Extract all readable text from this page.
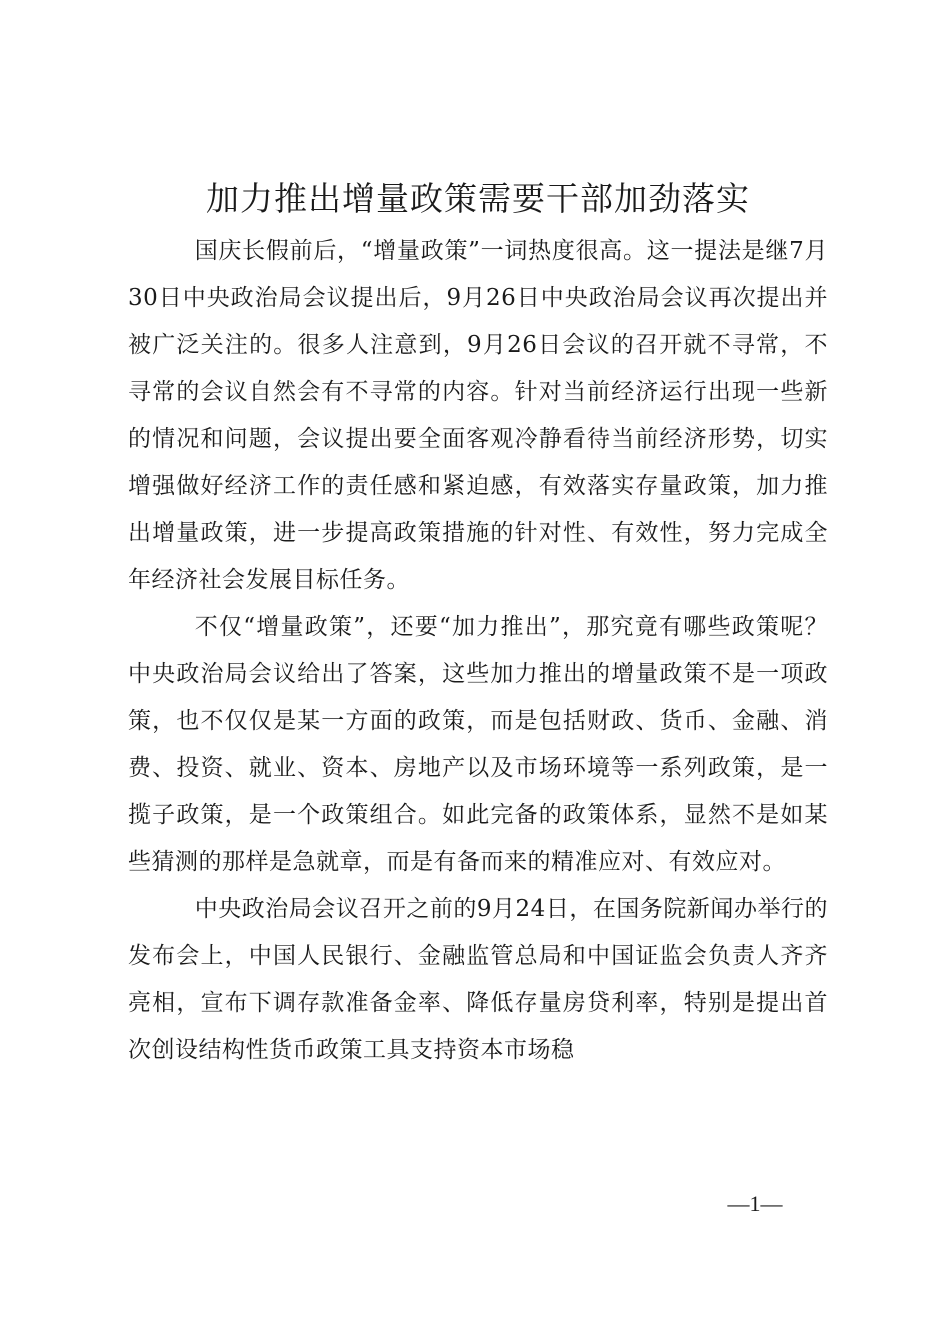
加力推出增量政策需要干部加劲落实

国庆长假前后，“增量政策”一词热度很高。这一提法是继7月30日中央政治局会议提出后，9月26日中央政治局会议再次提出并被广泛关注的。很多人注意到，9月26日会议的召开就不寻常，不寻常的会议自然会有不寻常的内容。针对当前经济运行出现一些新的情况和问题，会议提出要全面客观冷静看待当前经济形势，切实增强做好经济工作的责任感和紧迫感，有效落实存量政策，加力推出增量政策，进一步提高政策措施的针对性、有效性，努力完成全年经济社会发展目标任务。

不仅“增量政策”，还要“加力推出”，那究竟有哪些政策呢？中央政治局会议给出了答案，这些加力推出的增量政策不是一项政策，也不仅仅是某一方面的政策，而是包括财政、货币、金融、消费、投资、就业、资本、房地产以及市场环境等一系列政策，是一揽子政策，是一个政策组合。如此完备的政策体系，显然不是如某些猜测的那样是急就章，而是有备而来的精准应对、有效应对。

中央政治局会议召开之前的9月24日，在国务院新闻办举行的发布会上，中国人民银行、金融监管总局和中国证监会负责人齐齐亮相，宣布下调存款准备金率、降低存量房贷利率，特别是提出首次创设结构性货币政策工具支持资本市场稳

—1—
